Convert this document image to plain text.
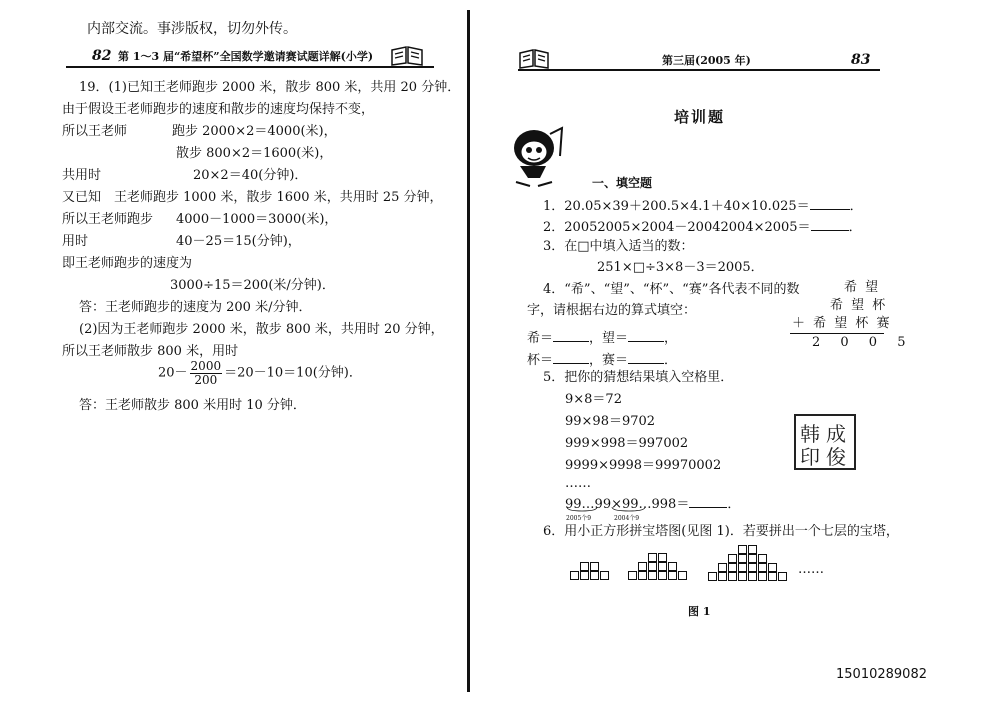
内部交流。事涉版权，切勿外传。
82 第 1～3 届“希望杯”全国数学邀请赛试题详解(小学)
19．(1)已知王老师跑步 2000 米，散步 800 米，共用 20 分钟．
由于假设王老师跑步的速度和散步的速度均保持不变，
所以王老师	跑步 2000×2＝4000(米)，
散步 800×2＝1600(米)，
共用时	20×2＝40(分钟)．
又已知　王老师跑步 1000 米，散步 1600 米，共用时 25 分钟，
所以王老师跑步 4000－1000＝3000(米)，
用时	40－25＝15(分钟)，
即王老师跑步的速度为
3000÷15＝200(米/分钟)．
答：王老师跑步的速度为 200 米/分钟．
(2)因为王老师跑步 2000 米，散步 800 米，共用时 20 分钟，
所以王老师散步 800 米，用时
$20- \frac{2000}{200} =20-10=10$(分钟)．
答：王老师散步 800 米用时 10 分钟．
第三届(2005 年)	83
培训题
一、填空题
1．20.05×39＋200.5×4.1＋40×10.025＝	．
2．20052005×2004－20042004×2005＝	．
3．在□中填入适当的数：
251×□÷3×8－3＝2005．
4．“希”、“望”、“杯”、“赛”各代表不同的数
字，请根据右边的算式填空：
希＝	，望＝	，
杯＝	，赛＝	．
希 望
希 望 杯
＋ 希 望 杯 赛
2 0 0 5
5．把你的猜想结果填入空格里．
9×8＝72
99×98＝9702
999×998＝997002
9999×9998＝99970002
……
99…99×99…998＝	．
2005个9	2004个9
6．用小正方形拼宝塔图(见图 1)．若要拼出一个七层的宝塔，
……
图 1
韩 成
印 俊
15010289082
